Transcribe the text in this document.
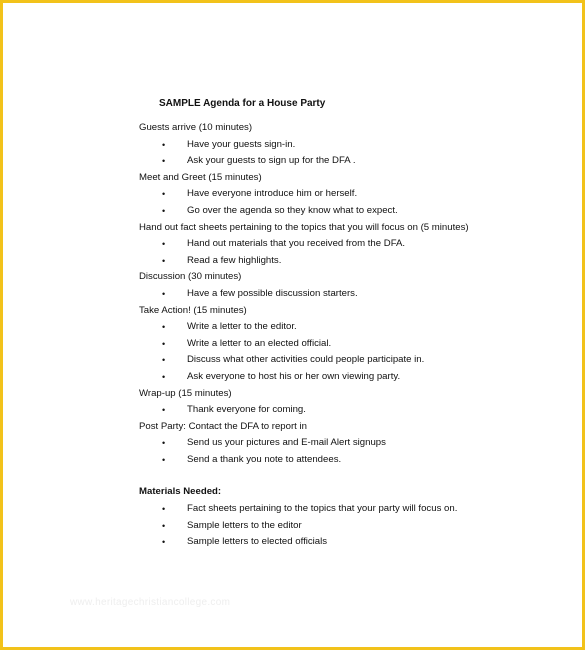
SAMPLE Agenda for a House Party
Guests arrive (10 minutes)
• Have your guests sign-in.
• Ask your guests to sign up for the DFA .
Meet and Greet (15 minutes)
• Have everyone introduce him or herself.
• Go over the agenda so they know what to expect.
Hand out fact sheets pertaining to the topics that you will focus on (5 minutes)
• Hand out materials that you received from the DFA.
• Read a few highlights.
Discussion (30 minutes)
• Have a few possible discussion starters.
Take Action! (15 minutes)
• Write a letter to the editor.
• Write a letter to an elected official.
• Discuss what other activities could people participate in.
• Ask everyone to host his or her own viewing party.
Wrap-up (15 minutes)
• Thank everyone for coming.
Post Party: Contact the DFA to report in
• Send us your pictures and E-mail Alert signups
• Send a thank you note to attendees.
Materials Needed:
• Fact sheets pertaining to the topics that your party will focus on.
• Sample letters to the editor
• Sample letters to elected officials
www.heritagechristiancollege.com
